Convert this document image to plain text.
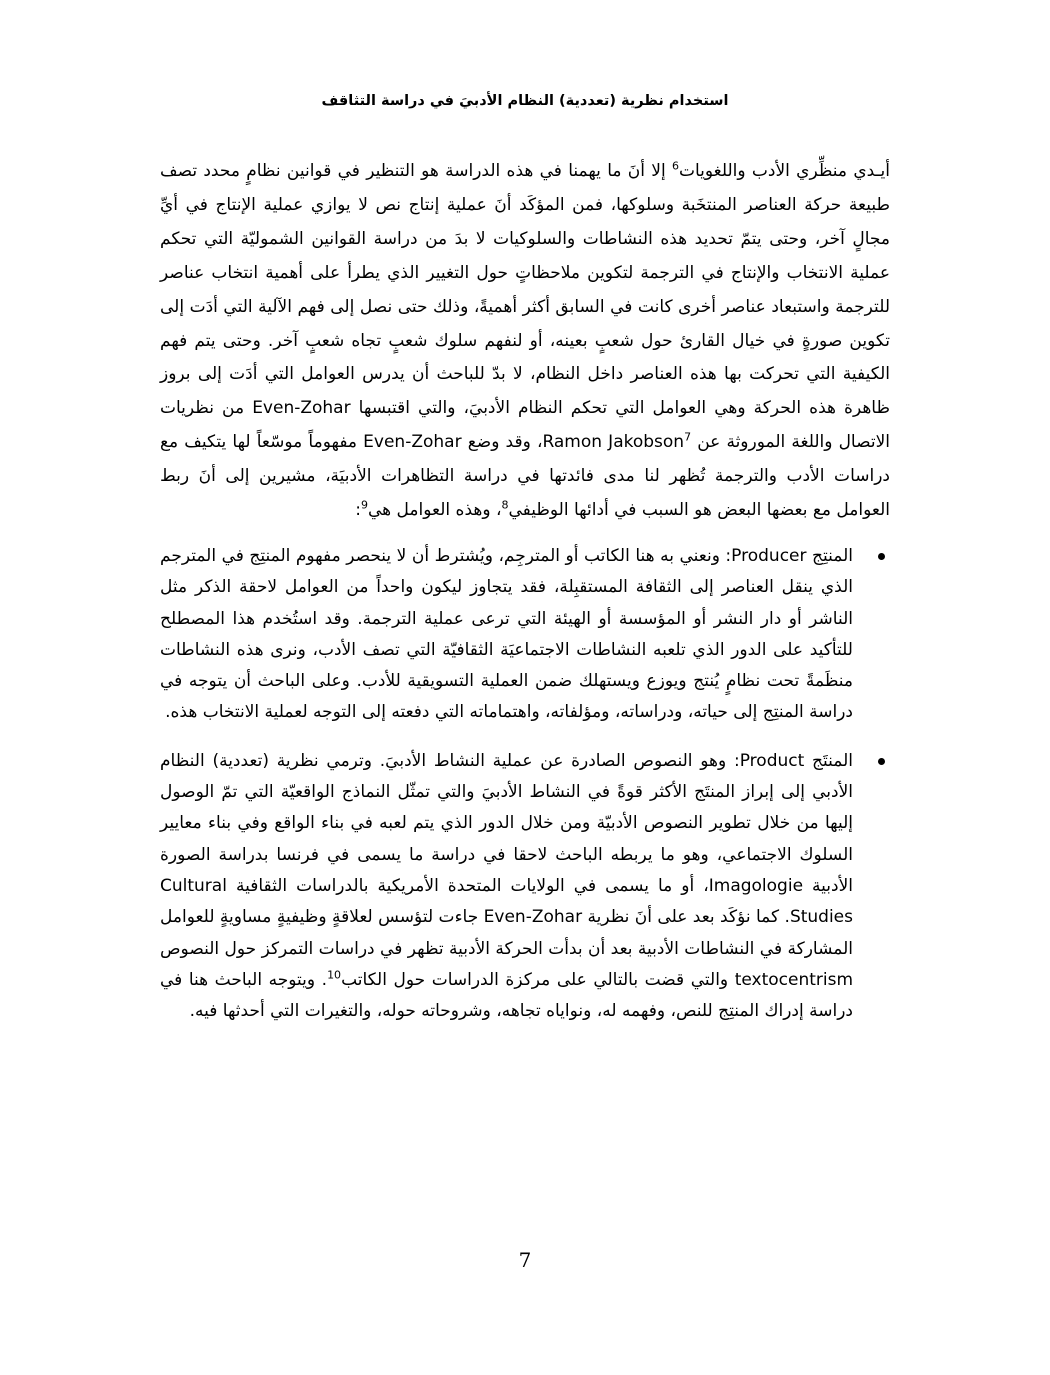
استخدام نظرية (تعددية) النظام الأدبيَ في دراسة التثاقف

أيـدي منظِّري الأدب واللغويات$^6$ إلا أنَ ما يهمنا في هذه الدراسة هو التنظير في قوانين نظامٍ محدد تصف طبيعة حركة العناصر المنتخَبة وسلوكها، فمن المؤكَد أنَ عملية إنتاج نص لا يوازي عملية الإنتاج في أيِّ مجالٍ آخر، وحتى يتمّ تحديد هذه النشاطات والسلوكيات لا بدَ من دراسة القوانين الشموليّة التي تحكم عملية الانتخاب والإنتاج في الترجمة لتكوين ملاحظاتٍ حول التغيير الذي يطرأ على أهمية انتخاب عناصر للترجمة واستبعاد عناصر أخرى كانت في السابق أكثر أهميةً، وذلك حتى نصل إلى فهم الآلية التي أدَت إلى تكوين صورةٍ في خيال القارئ حول شعبٍ بعينه، أو لنفهم سلوك شعبٍ تجاه شعبٍ آخر. وحتى يتم فهم الكيفية التي تحركت بها هذه العناصر داخل النظام، لا بدّ للباحث أن يدرس العوامل التي أدَت إلى بروز ظاهرة هذه الحركة وهي العوامل التي تحكم النظام الأدبيَ، والتي اقتبسها Even-Zohar من نظريات الاتصال واللغة الموروثة عن Ramon Jakobson$^7$، وقد وضع Even-Zohar مفهوماً موسّعاً لها يتكيف مع دراسات الأدب والترجمة تُظهر لنا مدى فائدتها في دراسة التظاهرات الأدبيَة، مشيرين إلى أنَ ربط العوامل مع بعضها البعض هو السبب في أدائها الوظيفي$^8$، وهذه العوامل هي$^9$:

المنتِج Producer: ونعني به هنا الكاتب أو المترجِم، ويُشترط أن لا ينحصر مفهوم المنتِج في المترجم الذي ينقل العناصر إلى الثقافة المستقبِلة، فقد يتجاوز ليكون واحداً من العوامل لاحقة الذكر مثل الناشر أو دار النشر أو المؤسسة أو الهيئة التي ترعى عملية الترجمة. وقد استُخدم هذا المصطلح للتأكيد على الدور الذي تلعبه النشاطات الاجتماعيَة الثقافيّة التي تصف الأدب، ونرى هذه النشاطات منظَمةً تحت نظامٍ يُنتج ويوزع ويستهلك ضمن العملية التسويقية للأدب. وعلى الباحث أن يتوجه في دراسة المنتِج إلى حياته، ودراساته، ومؤلفاته، واهتماماته التي دفعته إلى التوجه لعملية الانتخاب هذه.
المنتَج Product: وهو النصوص الصادرة عن عملية النشاط الأدبيَ. وترمي نظرية (تعددية) النظام الأدبي إلى إبراز المنتَج الأكثر قوةً في النشاط الأدبيَ والتي تمثّل النماذج الواقعيّة التي تمّ الوصول إليها من خلال تطوير النصوص الأدبيّة ومن خلال الدور الذي يتم لعبه في بناء الواقع وفي بناء معايير السلوك الاجتماعي، وهو ما يربطه الباحث لاحقا في دراسة ما يسمى في فرنسا بدراسة الصورة الأدبية Imagologie، أو ما يسمى في الولايات المتحدة الأمريكية بالدراسات الثقافية Cultural Studies. كما نؤكَد بعد على أنَ نظرية Even-Zohar جاءت لتؤسس لعلاقةٍ وظيفيةٍ مساويةٍ للعوامل المشاركة في النشاطات الأدبية بعد أن بدأت الحركة الأدبية تظهر في دراسات التمركز حول النصوص textocentrism والتي قضت بالتالي على مركزة الدراسات حول الكاتب$^{10}$. ويتوجه الباحث هنا في دراسة إدراك المنتِج للنص، وفهمه له، ونواياه تجاهه، وشروحاته حوله، والتغيرات التي أحدثها فيه.
7
